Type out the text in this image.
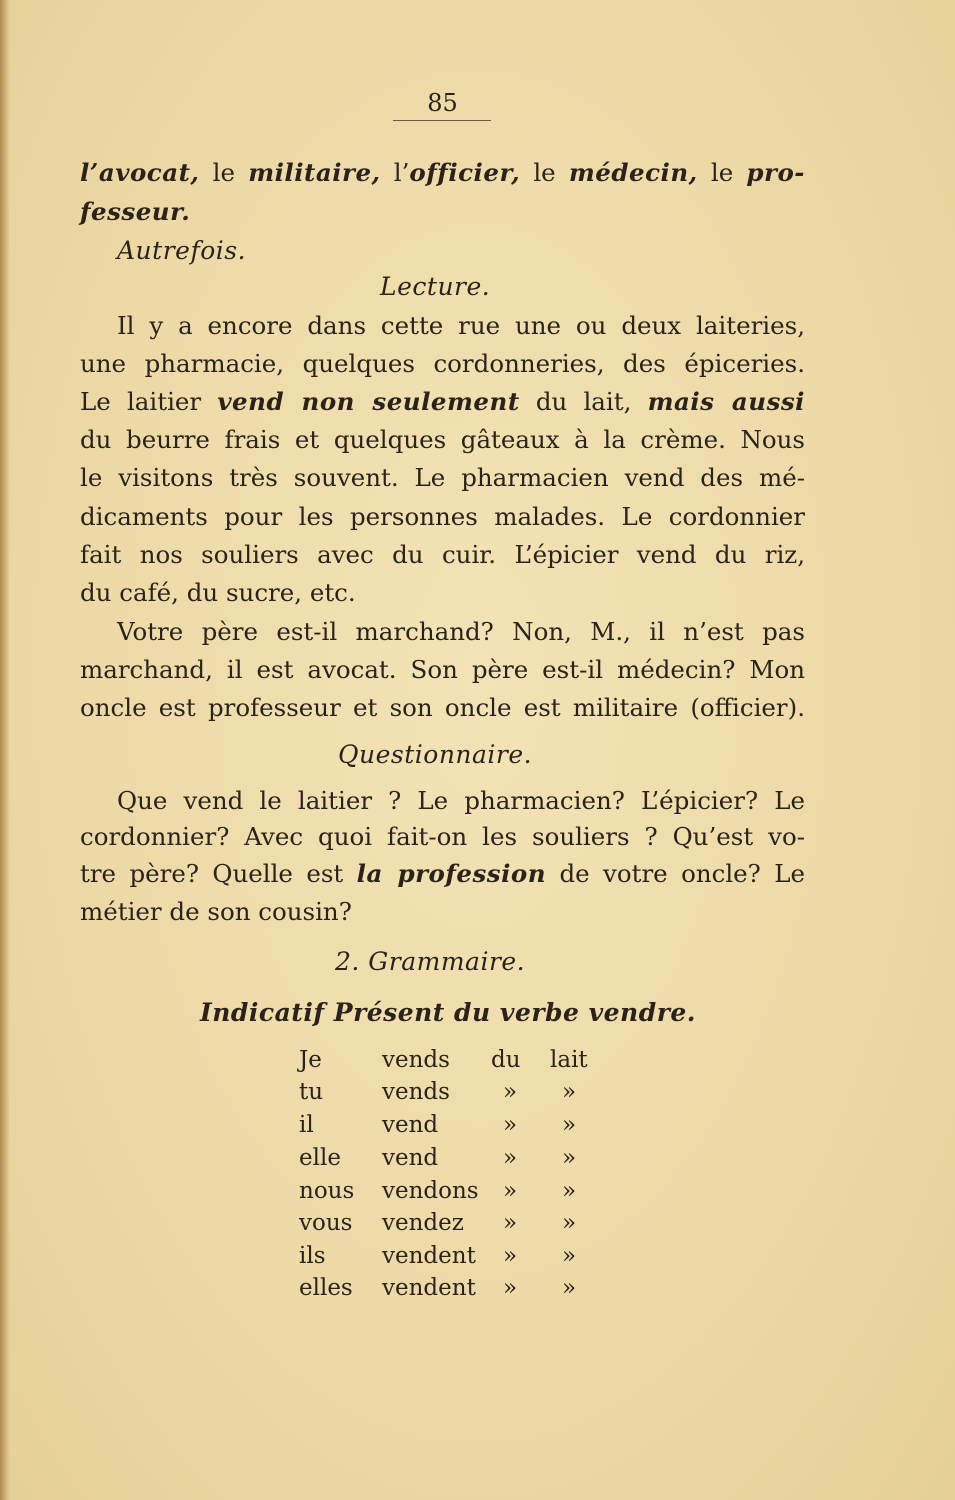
85
l’avocat, le militaire, l’officier, le médecin, le pro-
fesseur.
Autrefois.
Lecture.
Il y a encore dans cette rue une ou deux laiteries,
une pharmacie, quelques cordonneries, des épiceries.
Le laitier vend non seulement du lait, mais aussi
du beurre frais et quelques gâteaux à la crème. Nous
le visitons très souvent. Le pharmacien vend des mé-
dicaments pour les personnes malades. Le cordonnier
fait nos souliers avec du cuir. L’épicier vend du riz,
du café, du sucre, etc.
Votre père est-il marchand? Non, M., il n’est pas
marchand, il est avocat. Son père est-il médecin? Mon
oncle est professeur et son oncle est militaire (officier).
Questionnaire.
Que vend le laitier ? Le pharmacien? L’épicier? Le
cordonnier? Avec quoi fait-on les souliers ? Qu’est vo-
tre père? Quelle est la profession de votre oncle? Le
métier de son cousin?
2. Grammaire.
Indicatif Présent du verbe vendre.
Je	vends du lait
tu	vends » »
il	vend	» »
elle vend	» »
nous vendons » »
vous vendez » »
ils vendent » »
elles vendent » »
